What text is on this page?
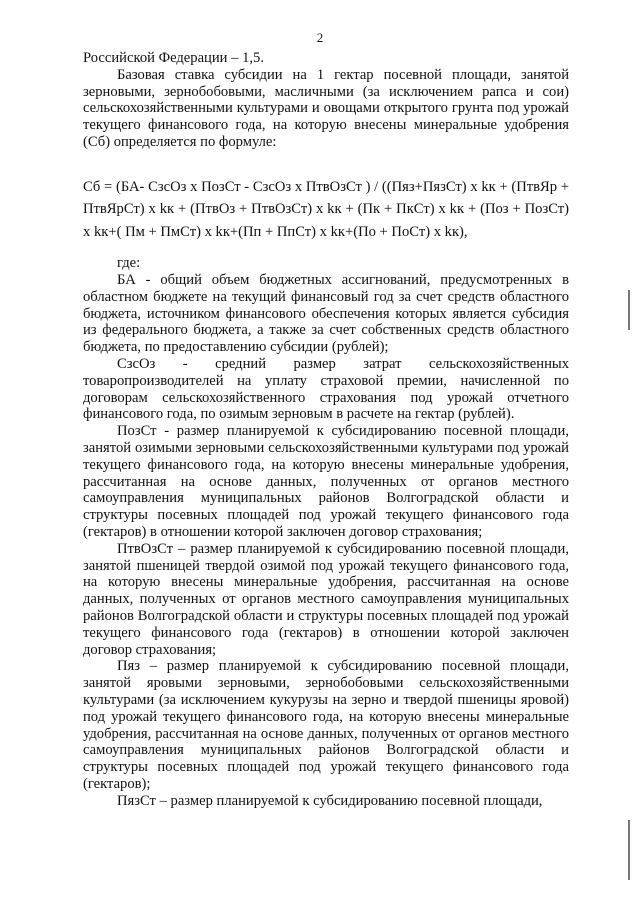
2

Российской Федерации – 1,5.

Базовая ставка субсидии на 1 гектар посевной площади, занятой зерновыми, зернобобовыми, масличными (за исключением рапса и сои) сельскохозяйственными культурами и овощами открытого грунта под урожай текущего финансового года, на которую внесены минеральные удобрения (Сб) определяется по формуле:

Сб = (БА- СзсОз х ПозСт - СзсОз х ПтвОзСт ) / ((Пяз+ПязСт) х kк + (ПтвЯр + ПтвЯрСт) х kк + (ПтвОз + ПтвОзСт) х kк + (Пк + ПкСт) х kк + (Поз + ПозСт) х kк+( Пм + ПмСт) х kк+(Пп + ПпСт) х kк+(По + ПоСт) х kк),

где:

БА - общий объем бюджетных ассигнований, предусмотренных в областном бюджете на текущий финансовый год за счет средств областного бюджета, источником финансового обеспечения которых является субсидия из федерального бюджета, а также за счет собственных средств областного бюджета, по предоставлению субсидии (рублей);

СзсОз - средний размер затрат сельскохозяйственных товаропроизводителей на уплату страховой премии, начисленной по договорам сельскохозяйственного страхования под урожай отчетного финансового года, по озимым зерновым в расчете на гектар (рублей).

ПозСт - размер планируемой к субсидированию посевной площади, занятой озимыми зерновыми сельскохозяйственными культурами под урожай текущего финансового года, на которую внесены минеральные удобрения, рассчитанная на основе данных, полученных от органов местного самоуправления муниципальных районов Волгоградской области и структуры посевных площадей под урожай текущего финансового года (гектаров) в отношении которой заключен договор страхования;

ПтвОзСт – размер планируемой к субсидированию посевной площади, занятой пшеницей твердой озимой под урожай текущего финансового года, на которую внесены минеральные удобрения, рассчитанная на основе данных, полученных от органов местного самоуправления муниципальных районов Волгоградской области и структуры посевных площадей под урожай текущего финансового года (гектаров) в отношении которой заключен договор страхования;

Пяз – размер планируемой к субсидированию посевной площади, занятой яровыми зерновыми, зернобобовыми сельскохозяйственными культурами (за исключением кукурузы на зерно и твердой пшеницы яровой) под урожай текущего финансового года, на которую внесены минеральные удобрения, рассчитанная на основе данных, полученных от органов местного самоуправления муниципальных районов Волгоградской области и структуры посевных площадей под урожай текущего финансового года (гектаров);

ПязСт – размер планируемой к субсидированию посевной площади,
